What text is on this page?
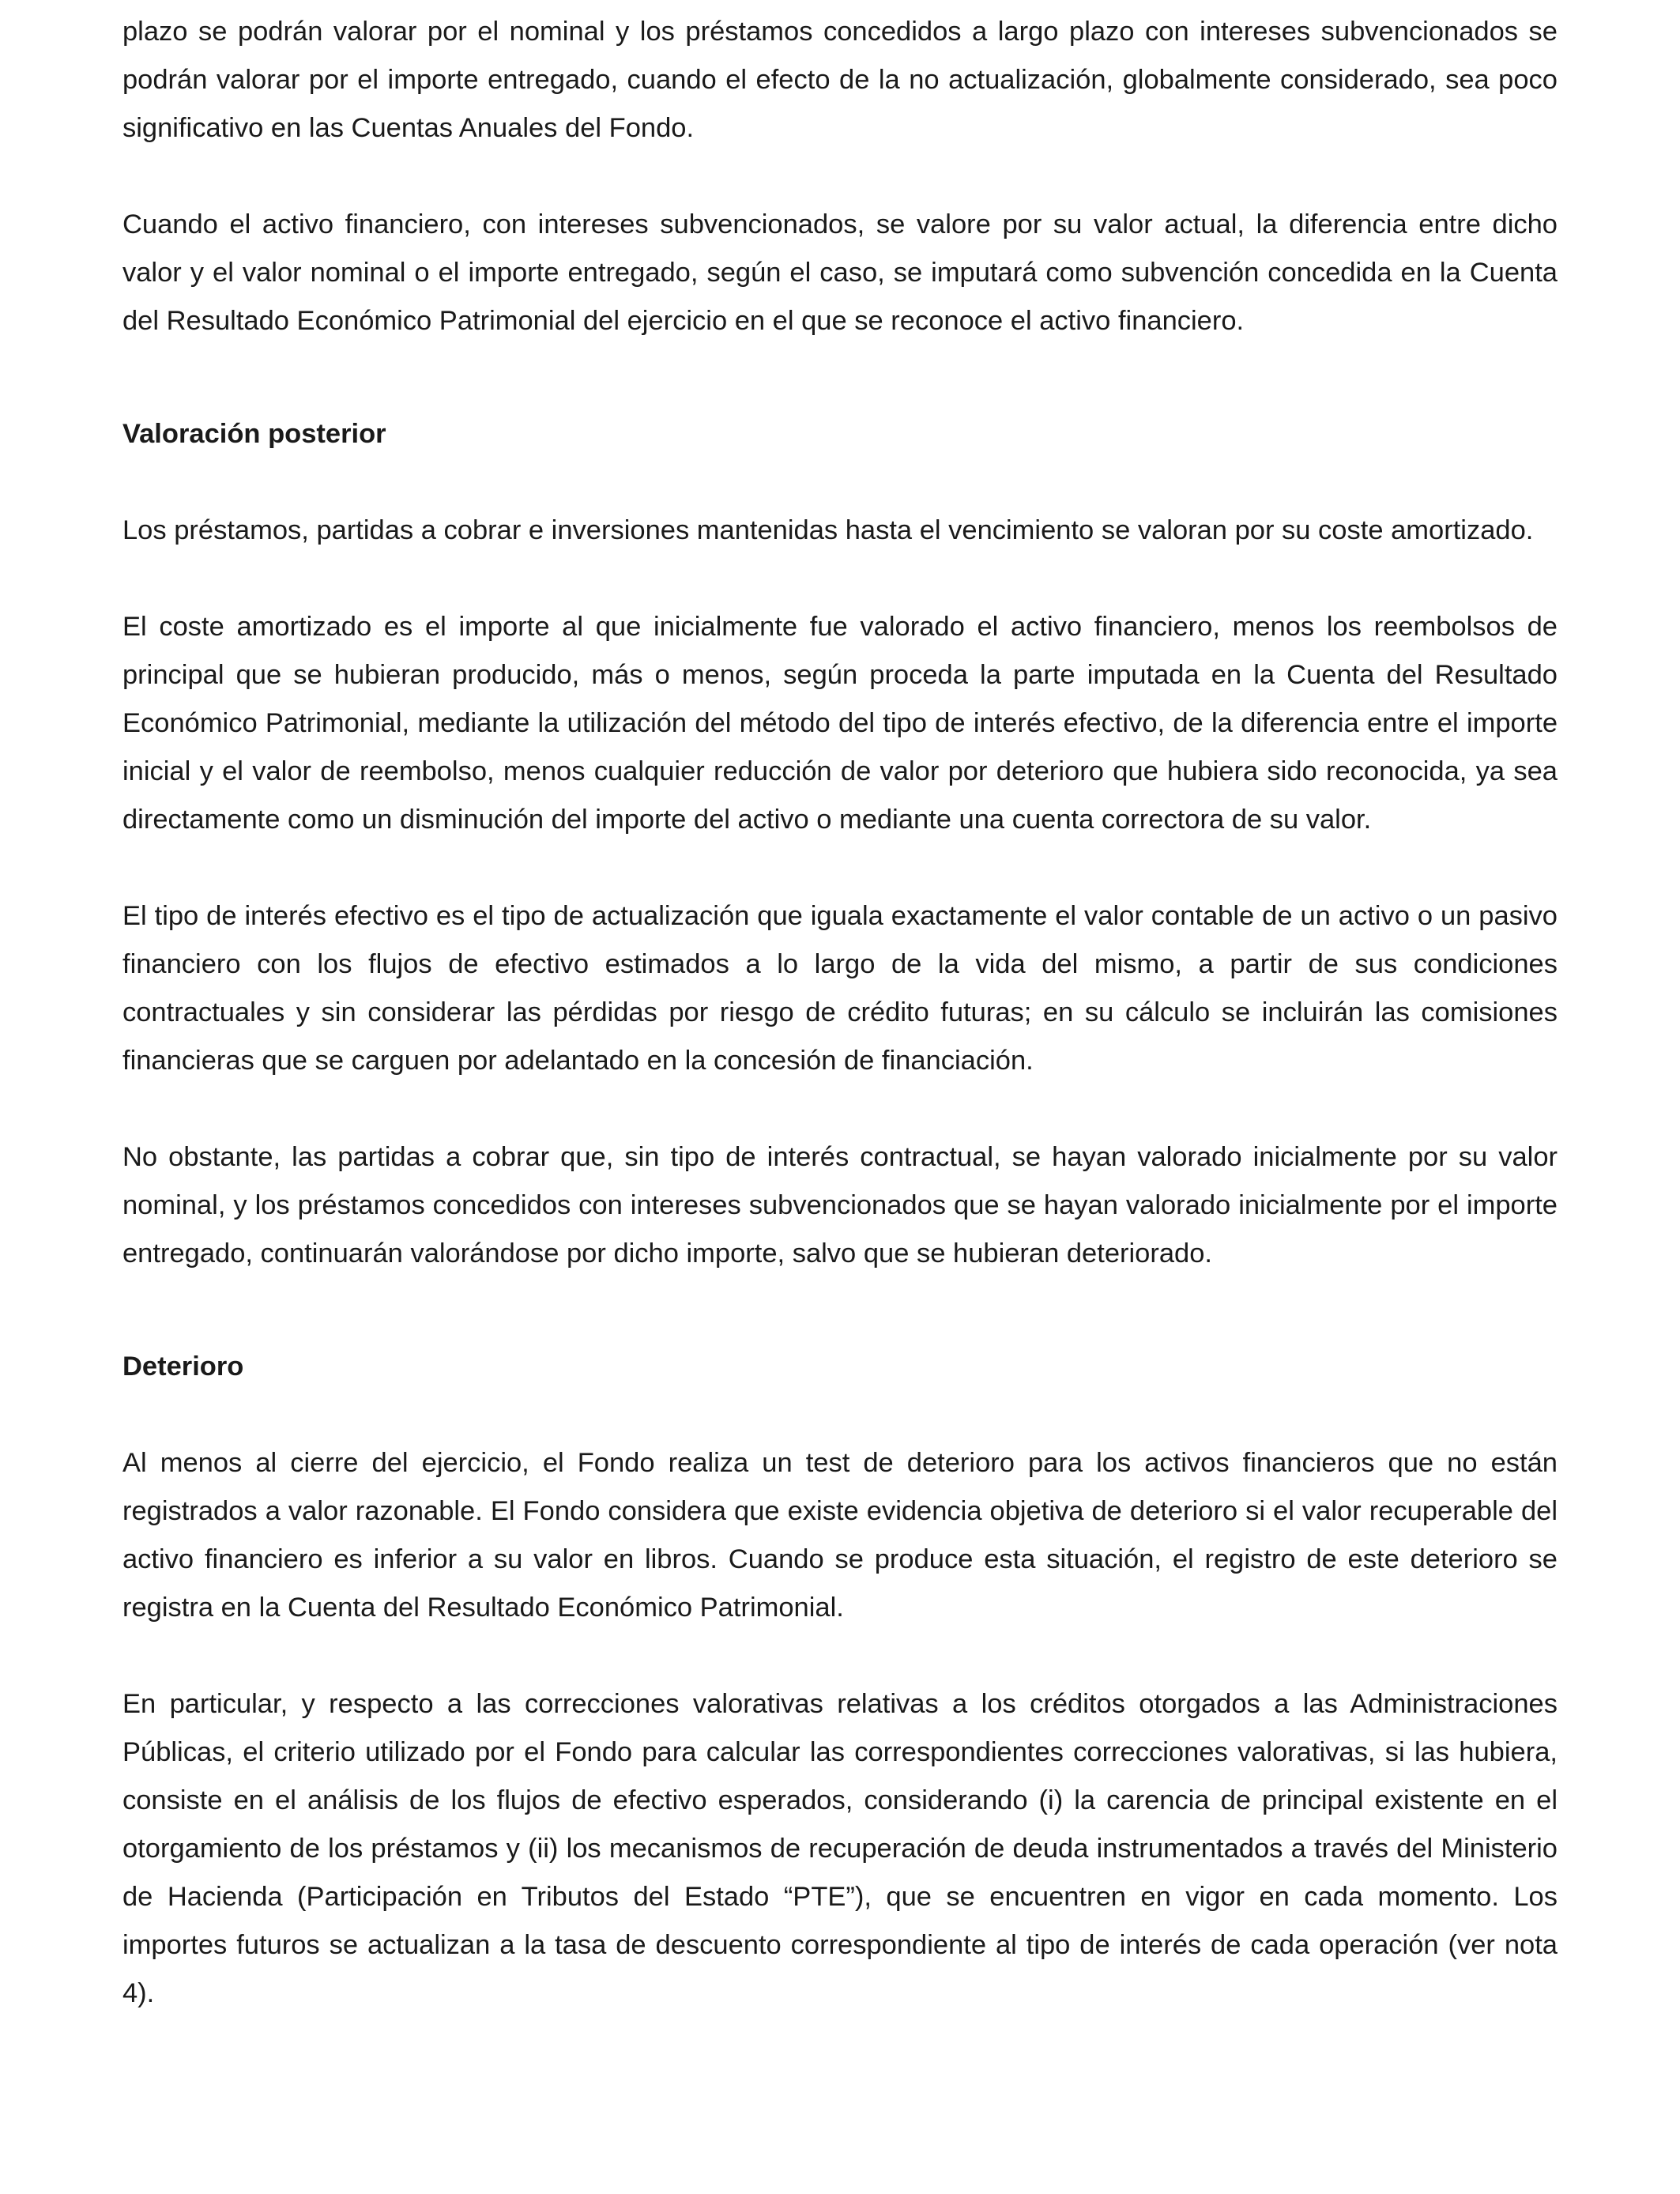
plazo se podrán valorar por el nominal y los préstamos concedidos a largo plazo con intereses subvencionados se podrán valorar por el importe entregado, cuando el efecto de la no actualización, globalmente considerado, sea poco significativo en las Cuentas Anuales del Fondo.

Cuando el activo financiero, con intereses subvencionados, se valore por su valor actual, la diferencia entre dicho valor y el valor nominal o el importe entregado, según el caso, se imputará como subvención concedida en la Cuenta del Resultado Económico Patrimonial del ejercicio en el que se reconoce el activo financiero.

Valoración posterior

Los préstamos, partidas a cobrar e inversiones mantenidas hasta el vencimiento se valoran por su coste amortizado.

El coste amortizado es el importe al que inicialmente fue valorado el activo financiero, menos los reembolsos de principal que se hubieran producido, más o menos, según proceda la parte imputada en la Cuenta del Resultado Económico Patrimonial, mediante la utilización del método del tipo de interés efectivo, de la diferencia entre el importe inicial y el valor de reembolso, menos cualquier reducción de valor por deterioro que hubiera sido reconocida, ya sea directamente como un disminución del importe del activo o mediante una cuenta correctora de su valor.

El tipo de interés efectivo es el tipo de actualización que iguala exactamente el valor contable de un activo o un pasivo financiero con los flujos de efectivo estimados a lo largo de la vida del mismo, a partir de sus condiciones contractuales y sin considerar las pérdidas por riesgo de crédito futuras; en su cálculo se incluirán las comisiones financieras que se carguen por adelantado en la concesión de financiación.

No obstante, las partidas a cobrar que, sin tipo de interés contractual, se hayan valorado inicialmente por su valor nominal, y los préstamos concedidos con intereses subvencionados que se hayan valorado inicialmente por el importe entregado, continuarán valorándose por dicho importe, salvo que se hubieran deteriorado.

Deterioro

Al menos al cierre del ejercicio, el Fondo realiza un test de deterioro para los activos financieros que no están registrados a valor razonable. El Fondo considera que existe evidencia objetiva de deterioro si el valor recuperable del activo financiero es inferior a su valor en libros. Cuando se produce esta situación, el registro de este deterioro se registra en la Cuenta del Resultado Económico Patrimonial.

En particular, y respecto a las correcciones valorativas relativas a los créditos otorgados a las Administraciones Públicas, el criterio utilizado por el Fondo para calcular las correspondientes correcciones valorativas, si las hubiera, consiste en el análisis de los flujos de efectivo esperados, considerando (i) la carencia de principal existente en el otorgamiento de los préstamos y (ii) los mecanismos de recuperación de deuda instrumentados a través del Ministerio de Hacienda (Participación en Tributos del Estado “PTE”), que se encuentren en vigor en cada momento. Los importes futuros se actualizan a la tasa de descuento correspondiente al tipo de interés de cada operación (ver nota 4).
